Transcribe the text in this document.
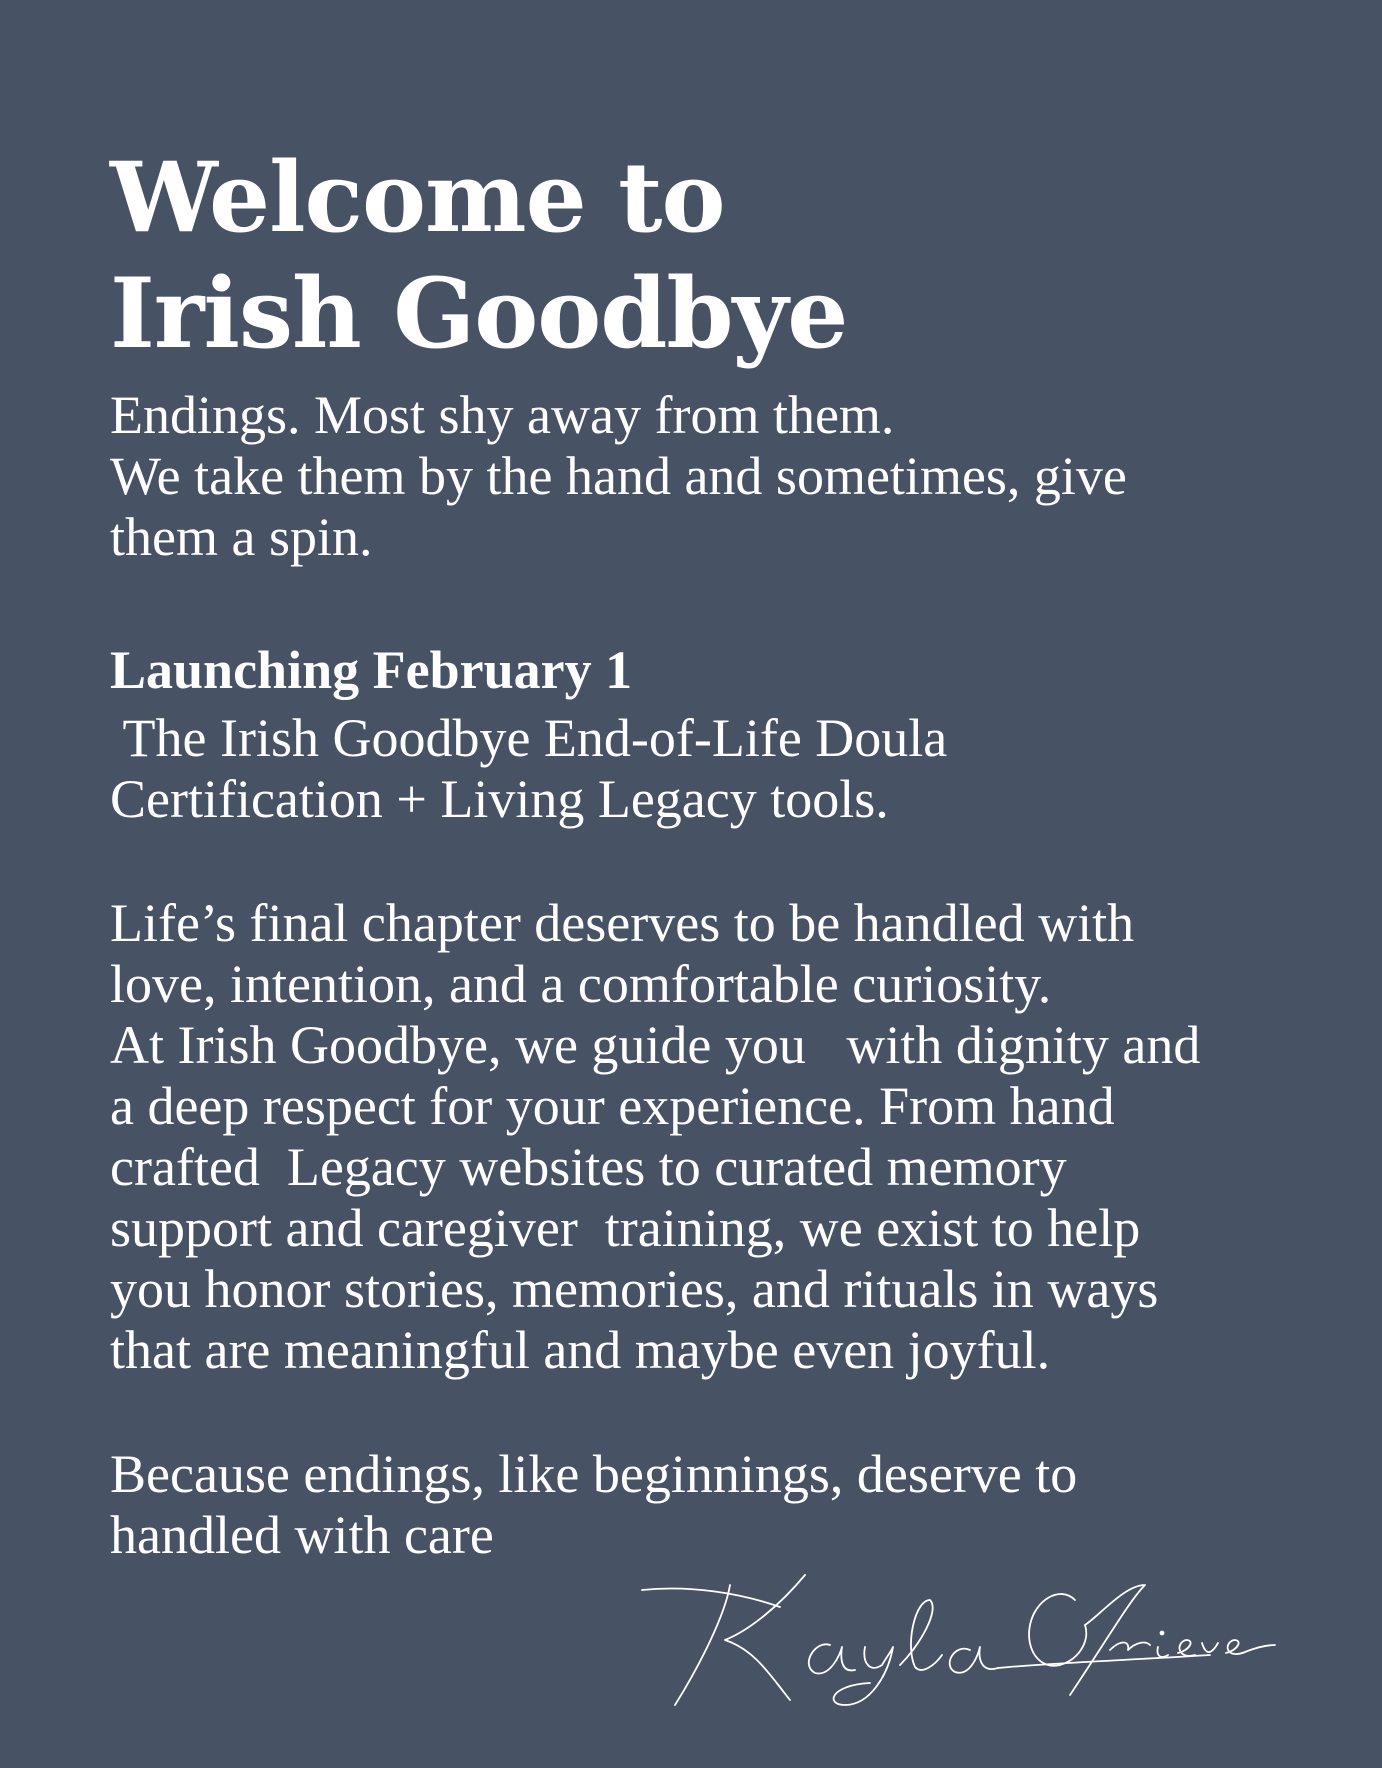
Welcome to
Irish Goodbye

Endings. Most shy away from them.
We take them by the hand and sometimes, give
them a spin.

Launching February 1

The Irish Goodbye End-of-Life Doula
Certification + Living Legacy tools.

Life’s final chapter deserves to be handled with
love, intention, and a comfortable curiosity.
At Irish Goodbye, we guide you   with dignity and
a deep respect for your experience. From hand
crafted  Legacy websites to curated memory
support and caregiver  training, we exist to help
you honor stories, memories, and rituals in ways
that are meaningful and maybe even joyful.

Because endings, like beginnings, deserve to
handled with care
